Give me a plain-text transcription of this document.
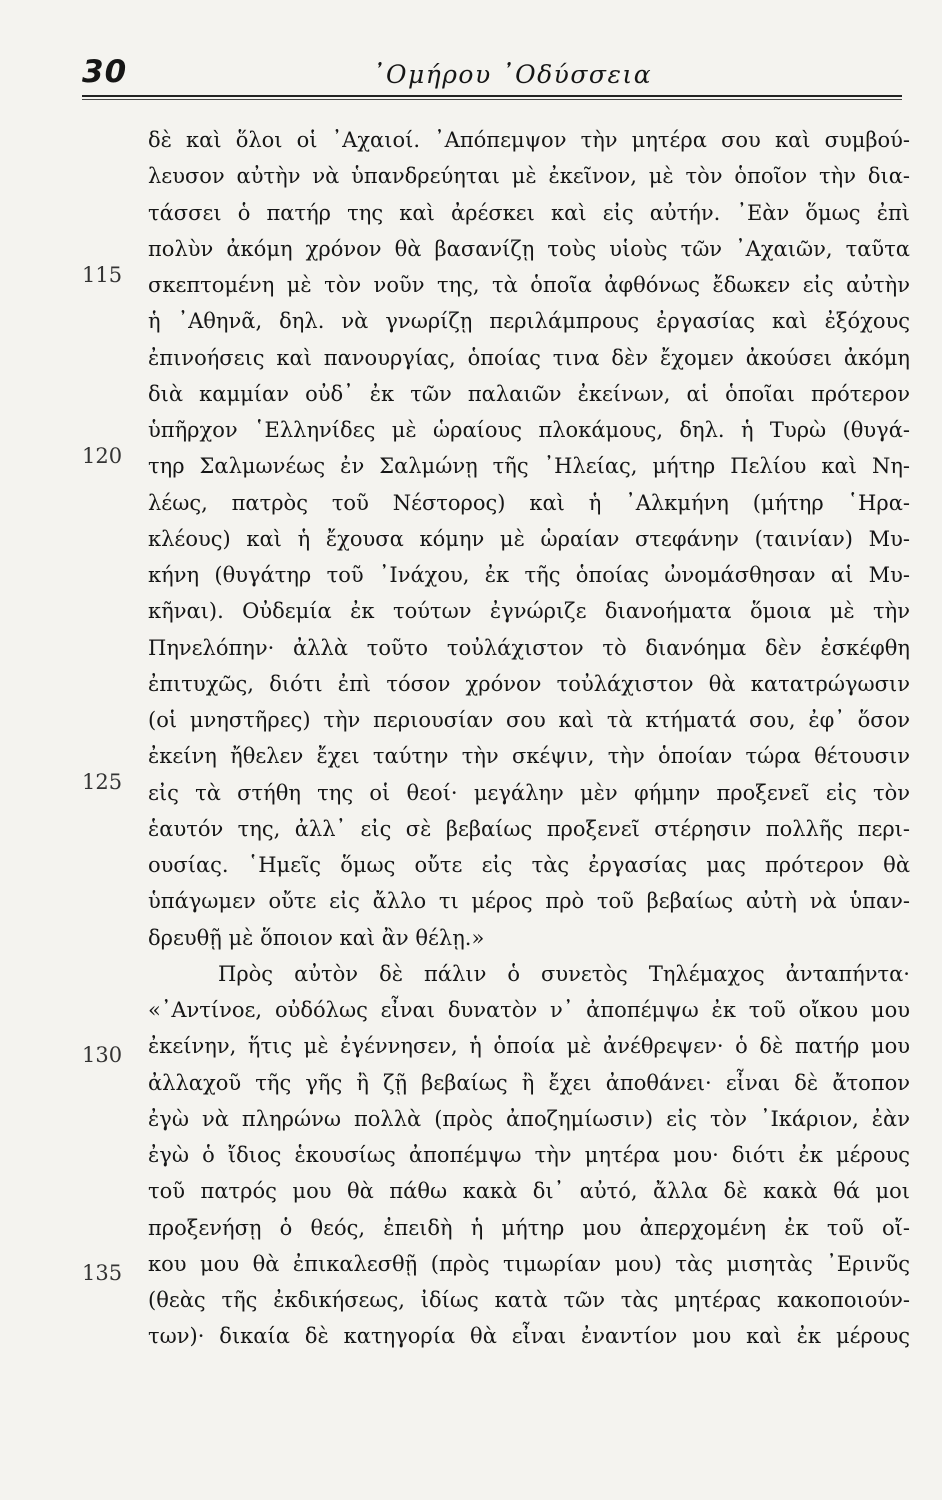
30	᾽Ομήρου ᾽Οδύσσεια
115
120
125
130
135
δὲ καὶ ὅλοι οἱ ᾽Αχαιοί. ᾽Απόπεμψον τὴν μητέρα σου καὶ συμβού-
λευσον αὐτὴν νὰ ὑπανδρεύηται μὲ ἐκεῖνον, μὲ τὸν ὁποῖον τὴν δια-
τάσσει ὁ πατήρ της καὶ ἀρέσκει καὶ εἰς αὐτήν. ᾽Εὰν ὅμως ἐπὶ
πολὺν ἀκόμη χρόνον θὰ βασανίζῃ τοὺς υἱοὺς τῶν ᾽Αχαιῶν, ταῦτα
σκεπτομένη μὲ τὸν νοῦν της, τὰ ὁποῖα ἀφθόνως ἔδωκεν εἰς αὐτὴν
ἡ ᾽Αθηνᾶ, δηλ. νὰ γνωρίζῃ περιλάμπρους ἐργασίας καὶ ἐξόχους
ἐπινοήσεις καὶ πανουργίας, ὁποίας τινα δὲν ἔχομεν ἀκούσει ἀκόμη
διὰ καμμίαν οὐδ᾽ ἐκ τῶν παλαιῶν ἐκείνων, αἱ ὁποῖαι πρότερον
ὑπῆρχον ῾Ελληνίδες μὲ ὡραίους πλοκάμους, δηλ. ἡ Τυρὼ (θυγά-
τηρ Σαλμωνέως ἐν Σαλμώνῃ τῆς ᾽Ηλείας, μήτηρ Πελίου καὶ Νη-
λέως, πατρὸς τοῦ Νέστορος) καὶ ἡ ᾽Αλκμήνη (μήτηρ ῾Ηρα-
κλέους) καὶ ἡ ἔχουσα κόμην μὲ ὡραίαν στεφάνην (ταινίαν) Μυ-
κήνη (θυγάτηρ τοῦ ᾽Ινάχου, ἐκ τῆς ὁποίας ὠνομάσθησαν αἱ Μυ-
κῆναι). Οὐδεμία ἐκ τούτων ἐγνώριζε διανοήματα ὅμοια μὲ τὴν
Πηνελόπην· ἀλλὰ τοῦτο τοὐλάχιστον τὸ διανόημα δὲν ἐσκέφθη
ἐπιτυχῶς, διότι ἐπὶ τόσον χρόνον τοὐλάχιστον θὰ κατατρώγωσιν
(οἱ μνηστῆρες) τὴν περιουσίαν σου καὶ τὰ κτήματά σου, ἐφ᾽ ὅσον
ἐκείνη ἤθελεν ἔχει ταύτην τὴν σκέψιν, τὴν ὁποίαν τώρα θέτουσιν
εἰς τὰ στήθη της οἱ θεοί· μεγάλην μὲν φήμην προξενεῖ εἰς τὸν
ἑαυτόν της, ἀλλ᾽ εἰς σὲ βεβαίως προξενεῖ στέρησιν πολλῆς περι-
ουσίας. ῾Ημεῖς ὅμως οὔτε εἰς τὰς ἐργασίας μας πρότερον θὰ
ὑπάγωμεν οὔτε εἰς ἄλλο τι μέρος πρὸ τοῦ βεβαίως αὐτὴ νὰ ὑπαν-
δρευθῇ μὲ ὅποιον καὶ ἂν θέλῃ.»
Πρὸς αὐτὸν δὲ πάλιν ὁ συνετὸς Τηλέμαχος ἀνταπήντα·
«᾽Αντίνοε, οὐδόλως εἶναι δυνατὸν ν᾽ ἀποπέμψω ἐκ τοῦ οἴκου μου
ἐκείνην, ἥτις μὲ ἐγέννησεν, ἡ ὁποία μὲ ἀνέθρεψεν· ὁ δὲ πατήρ μου
ἀλλαχοῦ τῆς γῆς ἢ ζῇ βεβαίως ἢ ἔχει ἀποθάνει· εἶναι δὲ ἄτοπον
ἐγὼ νὰ πληρώνω πολλὰ (πρὸς ἀποζημίωσιν) εἰς τὸν ᾽Ικάριον, ἐὰν
ἐγὼ ὁ ἴδιος ἑκουσίως ἀποπέμψω τὴν μητέρα μου· διότι ἐκ μέρους
τοῦ πατρός μου θὰ πάθω κακὰ δι᾽ αὐτό, ἄλλα δὲ κακὰ θά μοι
προξενήσῃ ὁ θεός, ἐπειδὴ ἡ μήτηρ μου ἀπερχομένη ἐκ τοῦ οἴ-
κου μου θὰ ἐπικαλεσθῇ (πρὸς τιμωρίαν μου) τὰς μισητὰς ᾽Ερινῦς
(θεὰς τῆς ἐκδικήσεως, ἰδίως κατὰ τῶν τὰς μητέρας κακοποιούν-
των)· δικαία δὲ κατηγορία θὰ εἶναι ἐναντίον μου καὶ ἐκ μέρους
